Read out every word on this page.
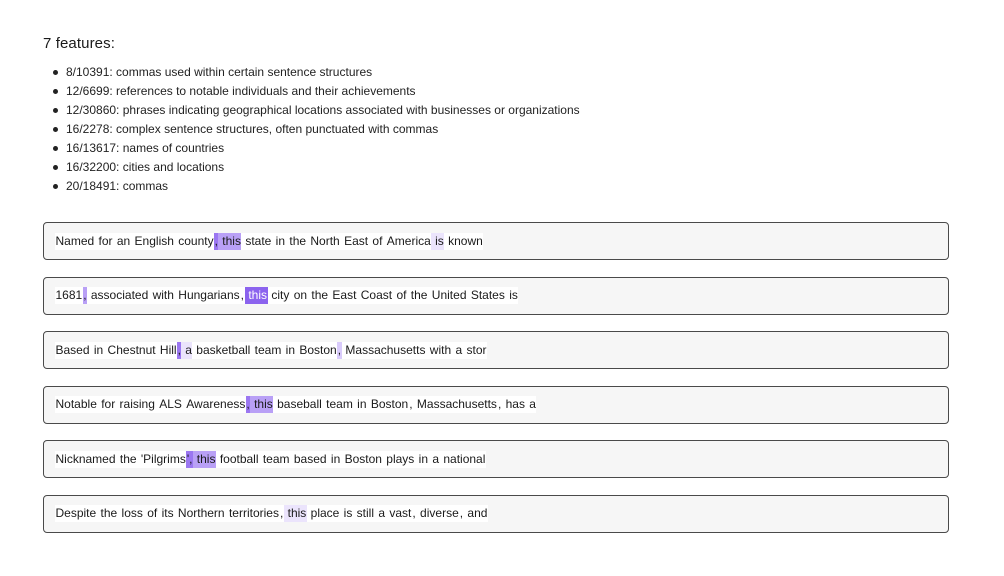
7 features:
8/10391: commas used within certain sentence structures
12/6699: references to notable individuals and their achievements
12/30860: phrases indicating geographical locations associated with businesses or organizations
16/2278: complex sentence structures, often punctuated with commas
16/13617: names of countries
16/32200: cities and locations
20/18491: commas
Named for an English county , this state in the North East of America is known
1681 , associated with Hungarians , this city on the East Coast of the United States is
Based in Chestnut Hill , a basketball team in Boston , Massachusetts with a stor
Notable for raising ALS Awareness , this baseball team in Boston , Massachusetts , has a
Nicknamed the 'Pilgrims ', this football team based in Boston plays in a national
Despite the loss of its Northern territories , this place is still a vast , diverse , and
